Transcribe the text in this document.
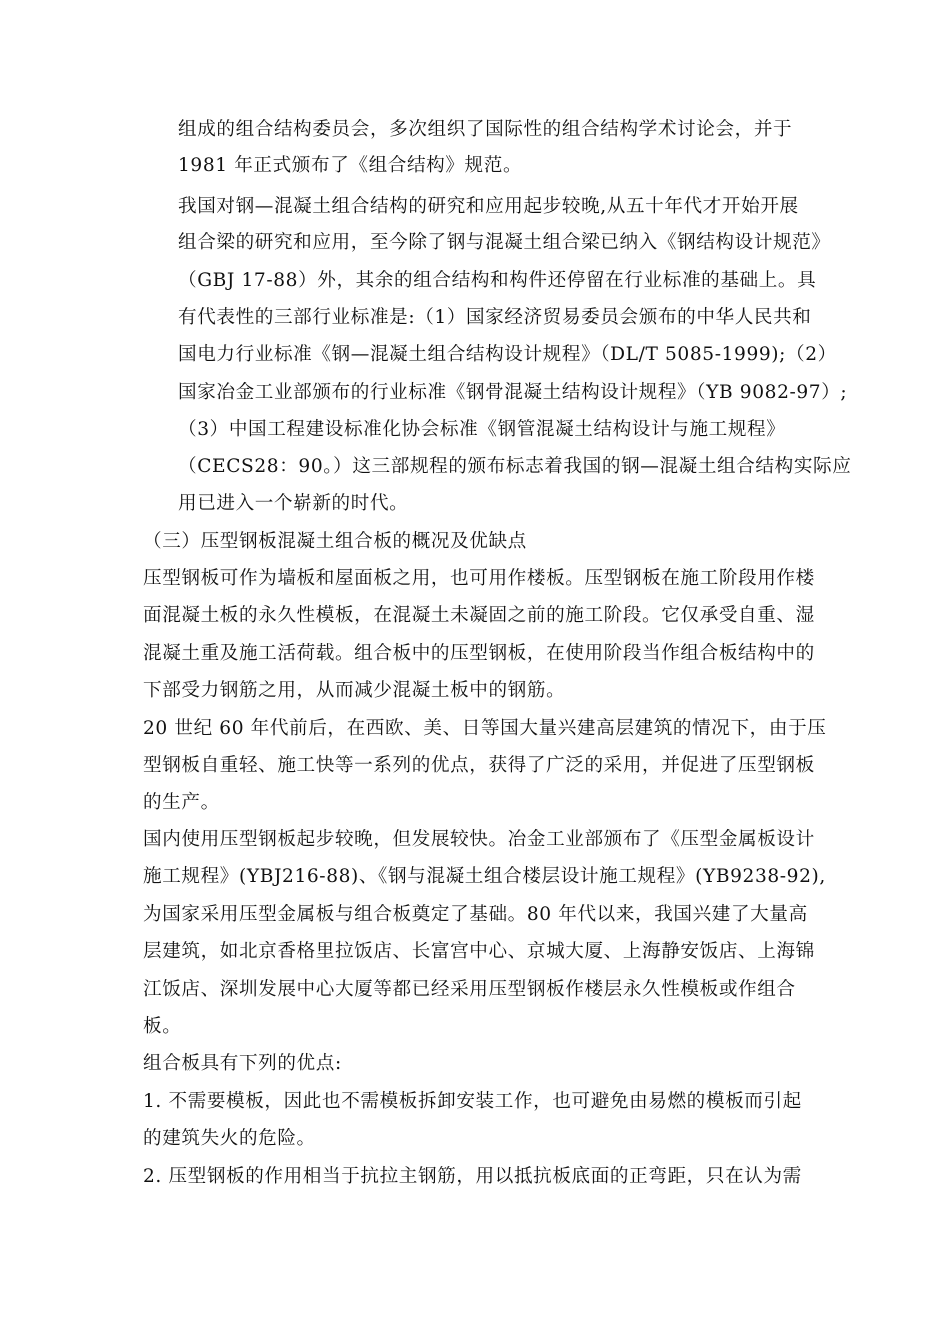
组成的组合结构委员会，多次组织了国际性的组合结构学术讨论会，并于
1981 年正式颁布了《组合结构》规范。
我国对钢—混凝土组合结构的研究和应用起步较晚,从五十年代才开始开展
组合梁的研究和应用，至今除了钢与混凝土组合梁已纳入《钢结构设计规范》
（GBJ 17-88）外，其余的组合结构和构件还停留在行业标准的基础上。具
有代表性的三部行业标准是:（1）国家经济贸易委员会颁布的中华人民共和
国电力行业标准《钢—混凝土组合结构设计规程》（DL/T 5085-1999);（2）
国家冶金工业部颁布的行业标准《钢骨混凝土结构设计规程》（YB 9082-97）;
（3）中国工程建设标准化协会标准《钢管混凝土结构设计与施工规程》
（CECS28：90。）这三部规程的颁布标志着我国的钢—混凝土组合结构实际应
用已进入一个崭新的时代。
（三）压型钢板混凝土组合板的概况及优缺点
压型钢板可作为墙板和屋面板之用，也可用作楼板。压型钢板在施工阶段用作楼
面混凝土板的永久性模板，在混凝土未凝固之前的施工阶段。它仅承受自重、湿
混凝土重及施工活荷载。组合板中的压型钢板，在使用阶段当作组合板结构中的
下部受力钢筋之用，从而减少混凝土板中的钢筋。
20 世纪 60 年代前后，在西欧、美、日等国大量兴建高层建筑的情况下，由于压
型钢板自重轻、施工快等一系列的优点，获得了广泛的采用，并促进了压型钢板
的生产。
国内使用压型钢板起步较晚，但发展较快。冶金工业部颁布了《压型金属板设计
施工规程》(YBJ216-88)、《钢与混凝土组合楼层设计施工规程》(YB9238-92),
为国家采用压型金属板与组合板奠定了基础。80 年代以来，我国兴建了大量高
层建筑，如北京香格里拉饭店、长富宫中心、京城大厦、上海静安饭店、上海锦
江饭店、深圳发展中心大厦等都已经采用压型钢板作楼层永久性模板或作组合
板。
组合板具有下列的优点:
1. 不需要模板，因此也不需模板拆卸安装工作，也可避免由易燃的模板而引起
的建筑失火的危险。
2. 压型钢板的作用相当于抗拉主钢筋，用以抵抗板底面的正弯距，只在认为需
